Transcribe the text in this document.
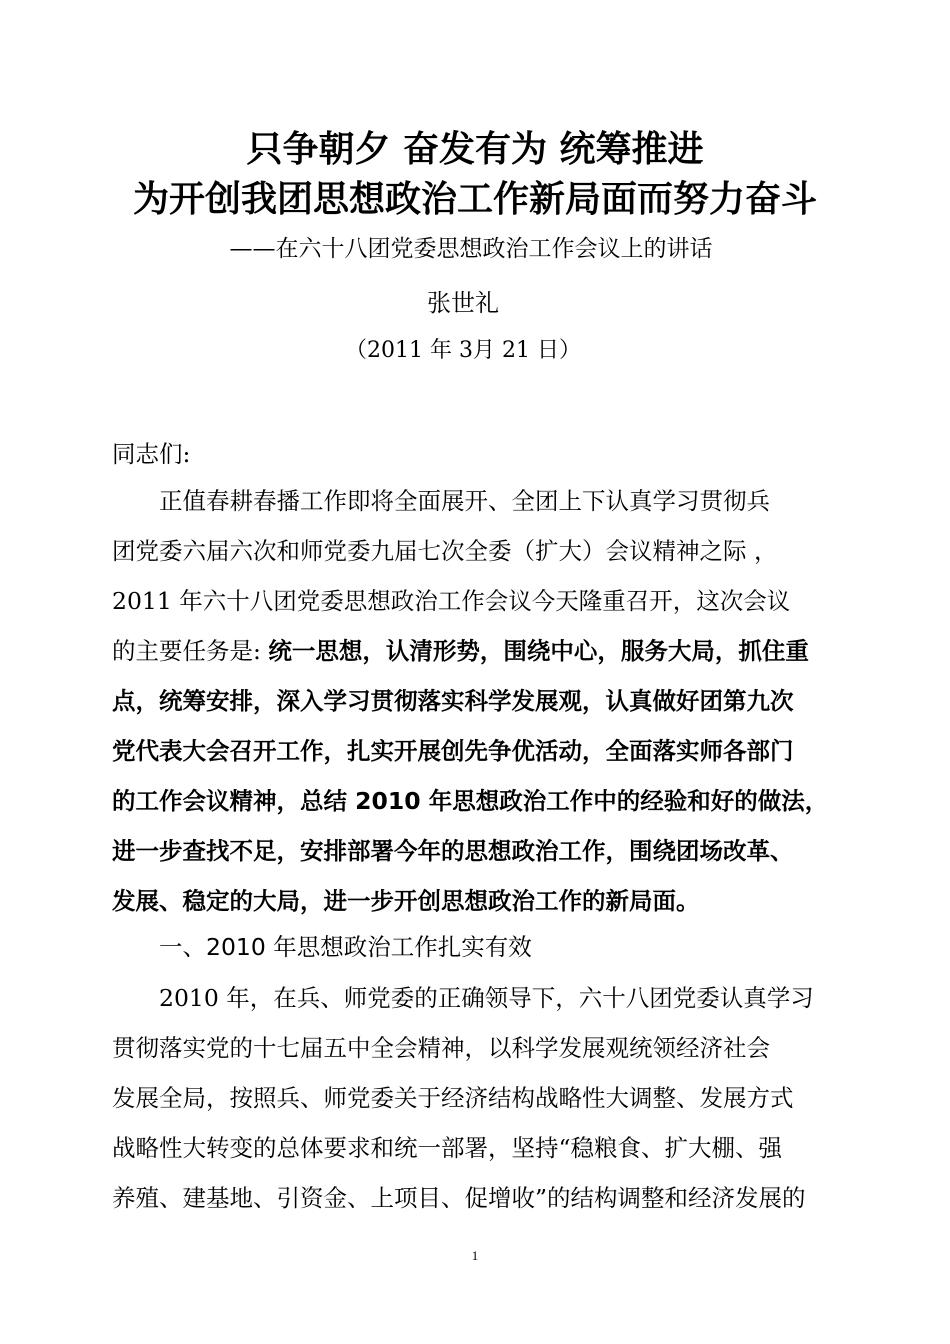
只争朝夕 奋发有为 统筹推进
为开创我团思想政治工作新局面而努力奋斗
——在六十八团党委思想政治工作会议上的讲话
张世礼
（2011 年 3月 21 日）
同志们:
正值春耕春播工作即将全面展开、全团上下认真学习贯彻兵
团党委六届六次和师党委九届七次全委（扩大）会议精神之际 ，
2011 年六十八团党委思想政治工作会议今天隆重召开，这次会议
的主要任务是: 统一思想，认清形势，围绕中心，服务大局，抓住重
点，统筹安排，深入学习贯彻落实科学发展观，认真做好团第九次
党代表大会召开工作，扎实开展创先争优活动，全面落实师各部门
的工作会议精神，总结 2010 年思想政治工作中的经验和好的做法，
进一步查找不足，安排部署今年的思想政治工作，围绕团场改革、
发展、稳定的大局，进一步开创思想政治工作的新局面。
一、2010 年思想政治工作扎实有效
2010 年，在兵、师党委的正确领导下，六十八团党委认真学习
贯彻落实党的十七届五中全会精神，以科学发展观统领经济社会
发展全局，按照兵、师党委关于经济结构战略性大调整、发展方式
战略性大转变的总体要求和统一部署，坚持“稳粮食、扩大棚、强
养殖、建基地、引资金、上项目、促增收”的结构调整和经济发展的
1
